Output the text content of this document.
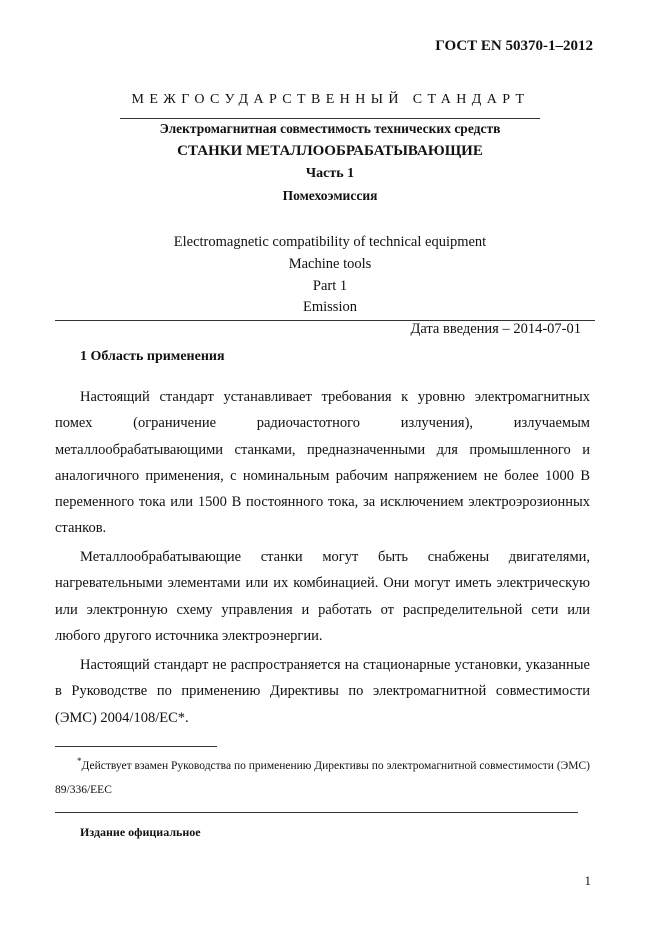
ГОСТ EN 50370-1–2012
МЕЖГОСУДАРСТВЕННЫЙ СТАНДАРТ
Электромагнитная совместимость технических средств
СТАНКИ МЕТАЛЛООБРАБАТЫВАЮЩИЕ
Часть 1
Помехоэмиссия
Electromagnetic compatibility of technical equipment
Machine tools
Part 1
Emission
Дата введения – 2014-07-01
1 Область применения
Настоящий стандарт устанавливает требования к уровню электромагнитных помех (ограничение радиочастотного излучения), излучаемым металлообрабатывающими станками, предназначенными для промышленного и аналогичного применения, с номинальным рабочим напряжением не более 1000 В переменного тока или 1500 В постоянного тока, за исключением электроэрозионных станков.
Металлообрабатывающие станки могут быть снабжены двигателями, нагревательными элементами или их комбинацией. Они могут иметь электрическую или электронную схему управления и работать от распределительной сети или любого другого источника электроэнергии.
Настоящий стандарт не распространяется на стационарные установки, указанные в Руководстве по применению Директивы по электромагнитной совместимости (ЭМС) 2004/108/ЕС*.
*Действует взамен Руководства по применению Директивы по электромагнитной совместимости (ЭМС) 89/336/ЕЕС
Издание официальное
1
